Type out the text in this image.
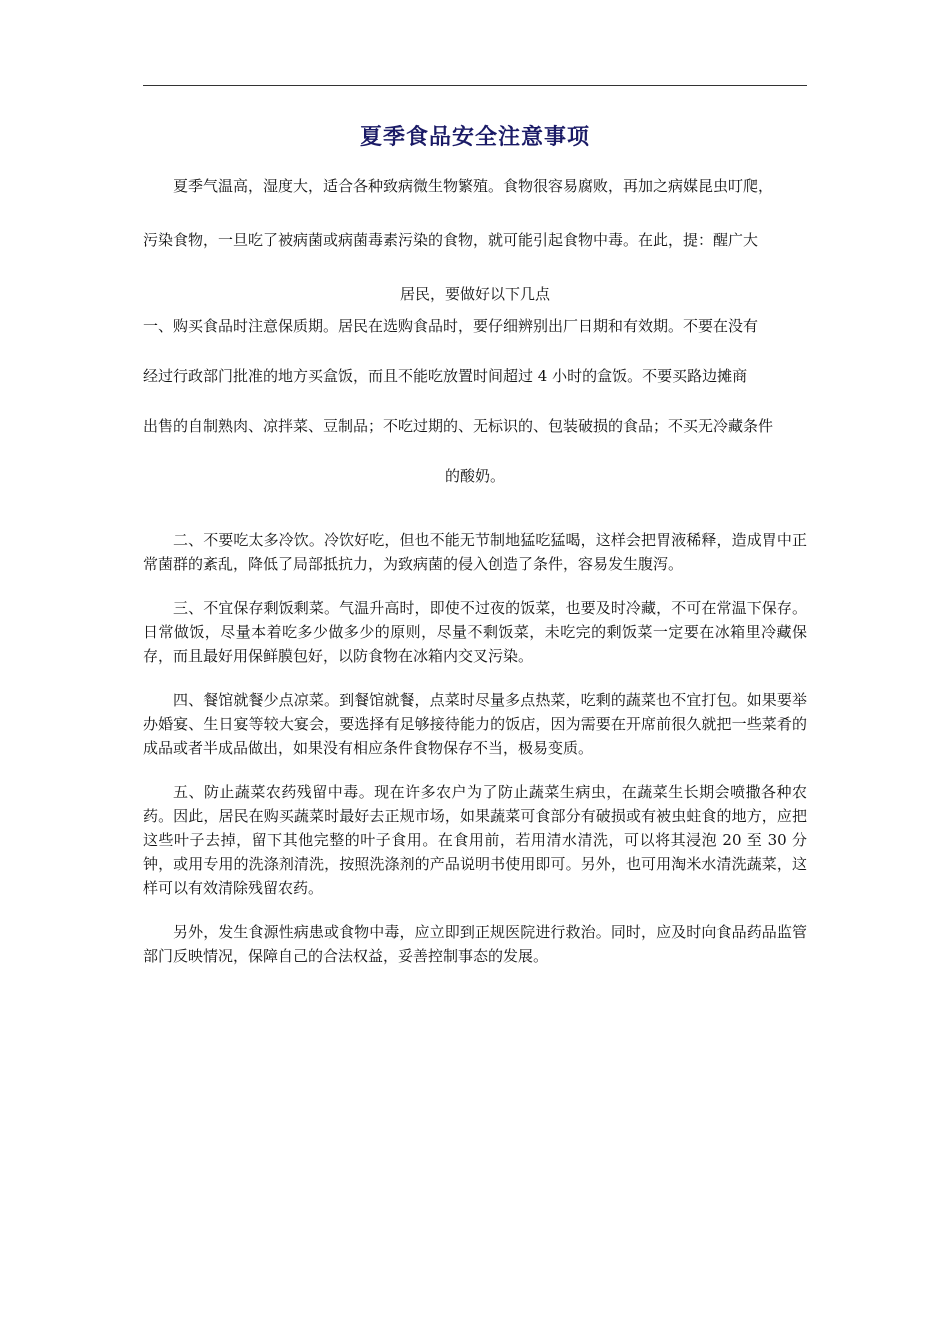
夏季食品安全注意事项
夏季气温高，湿度大，适合各种致病微生物繁殖。食物很容易腐败，再加之病媒昆虫叮爬，
污染食物，一旦吃了被病菌或病菌毒素污染的食物，就可能引起食物中毒。在此，提：醒广大
居民，要做好以下几点
一、购买食品时注意保质期。居民在选购食品时，要仔细辨别出厂日期和有效期。不要在没有
经过行政部门批准的地方买盒饭，而且不能吃放置时间超过 4 小时的盒饭。不要买路边摊商
出售的自制熟肉、凉拌菜、豆制品；不吃过期的、无标识的、包装破损的食品；不买无冷藏条件
的酸奶。

二、不要吃太多冷饮。冷饮好吃，但也不能无节制地猛吃猛喝，这样会把胃液稀释，造成胃中正常菌群的紊乱，降低了局部抵抗力，为致病菌的侵入创造了条件，容易发生腹泻。

三、不宜保存剩饭剩菜。气温升高时，即使不过夜的饭菜，也要及时冷藏，不可在常温下保存。日常做饭，尽量本着吃多少做多少的原则，尽量不剩饭菜，未吃完的剩饭菜一定要在冰箱里冷藏保存，而且最好用保鲜膜包好，以防食物在冰箱内交叉污染。

四、餐馆就餐少点凉菜。到餐馆就餐，点菜时尽量多点热菜，吃剩的蔬菜也不宜打包。如果要举办婚宴、生日宴等较大宴会，要选择有足够接待能力的饭店，因为需要在开席前很久就把一些菜肴的成品或者半成品做出，如果没有相应条件食物保存不当，极易变质。

五、防止蔬菜农药残留中毒。现在许多农户为了防止蔬菜生病虫，在蔬菜生长期会喷撒各种农药。因此，居民在购买蔬菜时最好去正规市场，如果蔬菜可食部分有破损或有被虫蛀食的地方，应把这些叶子去掉，留下其他完整的叶子食用。在食用前，若用清水清洗，可以将其浸泡 20 至 30 分钟，或用专用的洗涤剂清洗，按照洗涤剂的产品说明书使用即可。另外，也可用淘米水清洗蔬菜，这样可以有效清除残留农药。

另外，发生食源性病患或食物中毒，应立即到正规医院进行救治。同时，应及时向食品药品监管部门反映情况，保障自己的合法权益，妥善控制事态的发展。
